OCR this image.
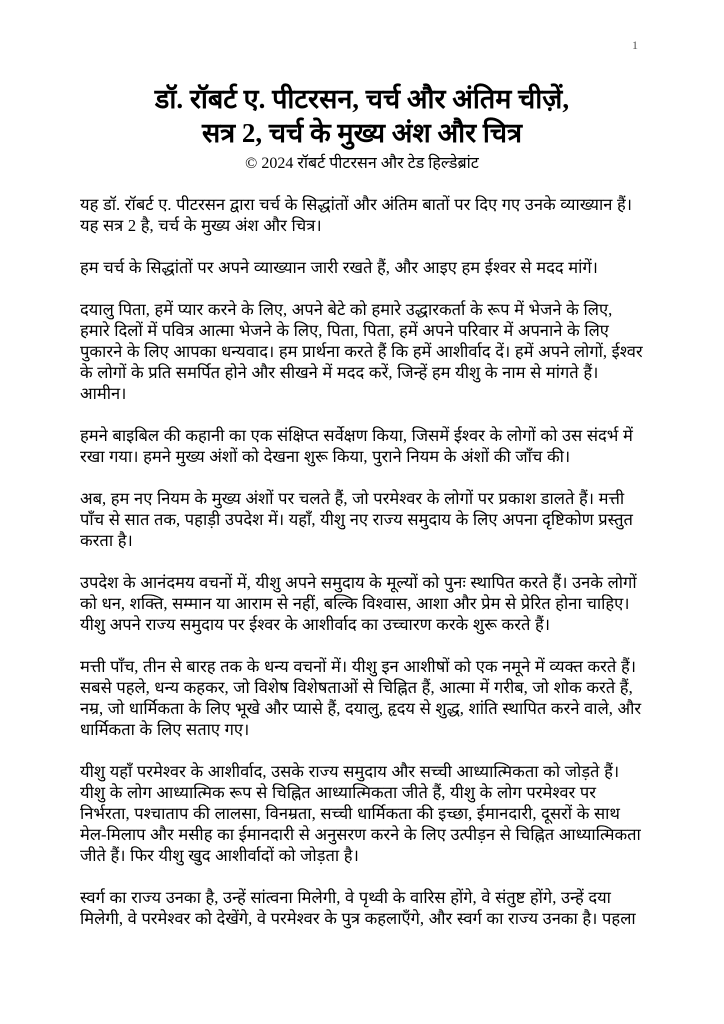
1
डॉ. रॉबर्ट ए. पीटरसन, चर्च और अंतिम चीज़ें,
सत्र 2, चर्च के मुख्य अंश और चित्र
© 2024 रॉबर्ट पीटरसन और टेड हिल्डेब्रांट

यह डॉ. रॉबर्ट ए. पीटरसन द्वारा चर्च के सिद्धांतों और अंतिम बातों पर दिए गए उनके व्याख्यान हैं। यह सत्र 2 है, चर्च के मुख्य अंश और चित्र।

हम चर्च के सिद्धांतों पर अपने व्याख्यान जारी रखते हैं, और आइए हम ईश्वर से मदद मांगें।

दयालु पिता, हमें प्यार करने के लिए, अपने बेटे को हमारे उद्धारकर्ता के रूप में भेजने के लिए, हमारे दिलों में पवित्र आत्मा भेजने के लिए, पिता, पिता, हमें अपने परिवार में अपनाने के लिए पुकारने के लिए आपका धन्यवाद। हम प्रार्थना करते हैं कि हमें आशीर्वाद दें। हमें अपने लोगों, ईश्वर के लोगों के प्रति समर्पित होने और सीखने में मदद करें, जिन्हें हम यीशु के नाम से मांगते हैं। आमीन।

हमने बाइबिल की कहानी का एक संक्षिप्त सर्वेक्षण किया, जिसमें ईश्वर के लोगों को उस संदर्भ में रखा गया। हमने मुख्य अंशों को देखना शुरू किया, पुराने नियम के अंशों की जाँच की।

अब, हम नए नियम के मुख्य अंशों पर चलते हैं, जो परमेश्वर के लोगों पर प्रकाश डालते हैं। मत्ती पाँच से सात तक, पहाड़ी उपदेश में। यहाँ, यीशु नए राज्य समुदाय के लिए अपना दृष्टिकोण प्रस्तुत करता है।

उपदेश के आनंदमय वचनों में, यीशु अपने समुदाय के मूल्यों को पुनः स्थापित करते हैं। उनके लोगों को धन, शक्ति, सम्मान या आराम से नहीं, बल्कि विश्वास, आशा और प्रेम से प्रेरित होना चाहिए। यीशु अपने राज्य समुदाय पर ईश्वर के आशीर्वाद का उच्चारण करके शुरू करते हैं।

मत्ती पाँच, तीन से बारह तक के धन्य वचनों में। यीशु इन आशीषों को एक नमूने में व्यक्त करते हैं। सबसे पहले, धन्य कहकर, जो विशेष विशेषताओं से चिह्नित हैं, आत्मा में गरीब, जो शोक करते हैं, नम्र, जो धार्मिकता के लिए भूखे और प्यासे हैं, दयालु, हृदय से शुद्ध, शांति स्थापित करने वाले, और धार्मिकता के लिए सताए गए।

यीशु यहाँ परमेश्वर के आशीर्वाद, उसके राज्य समुदाय और सच्ची आध्यात्मिकता को जोड़ते हैं। यीशु के लोग आध्यात्मिक रूप से चिह्नित आध्यात्मिकता जीते हैं, यीशु के लोग परमेश्वर पर निर्भरता, पश्चाताप की लालसा, विनम्रता, सच्ची धार्मिकता की इच्छा, ईमानदारी, दूसरों के साथ मेल-मिलाप और मसीह का ईमानदारी से अनुसरण करने के लिए उत्पीड़न से चिह्नित आध्यात्मिकता जीते हैं। फिर यीशु खुद आशीर्वादों को जोड़ता है।

स्वर्ग का राज्य उनका है, उन्हें सांत्वना मिलेगी, वे पृथ्वी के वारिस होंगे, वे संतुष्ट होंगे, उन्हें दया मिलेगी, वे परमेश्वर को देखेंगे, वे परमेश्वर के पुत्र कहलाएँगे, और स्वर्ग का राज्य उनका है। पहला
